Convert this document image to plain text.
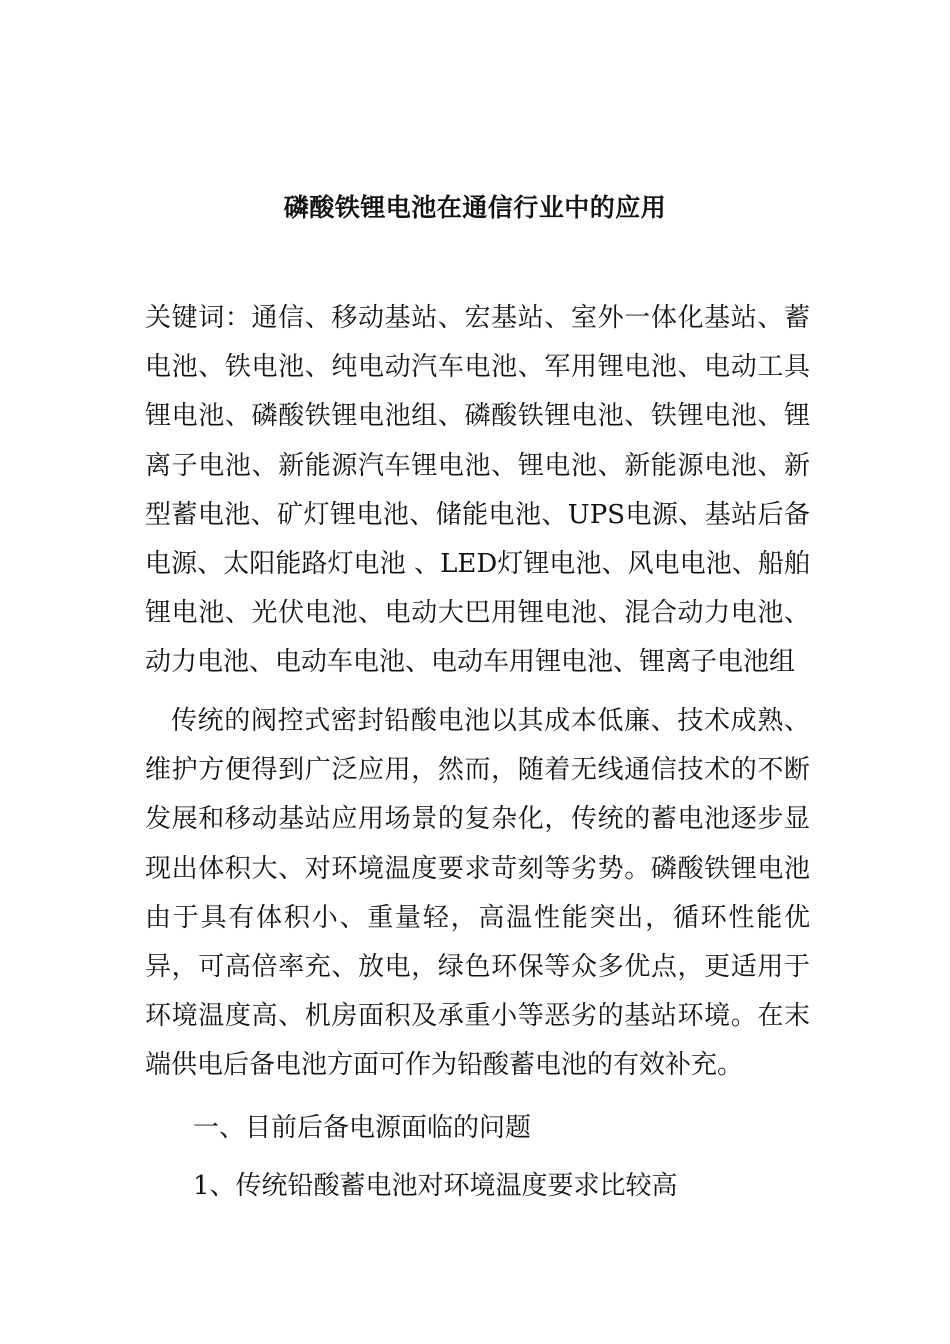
磷酸铁锂电池在通信行业中的应用

关键词：通信、移动基站、宏基站、室外一体化基站、蓄电池、铁电池、纯电动汽车电池、军用锂电池、电动工具锂电池、磷酸铁锂电池组、磷酸铁锂电池、铁锂电池、锂离子电池、新能源汽车锂电池、锂电池、新能源电池、新型蓄电池、矿灯锂电池、储能电池、UPS电源、基站后备电源、太阳能路灯电池 、LED灯锂电池、风电电池、船舶锂电池、光伏电池、电动大巴用锂电池、混合动力电池、动力电池、电动车电池、电动车用锂电池、锂离子电池组

传统的阀控式密封铅酸电池以其成本低廉、技术成熟、维护方便得到广泛应用，然而，随着无线通信技术的不断发展和移动基站应用场景的复杂化，传统的蓄电池逐步显现出体积大、对环境温度要求苛刻等劣势。磷酸铁锂电池由于具有体积小、重量轻，高温性能突出，循环性能优异，可高倍率充、放电，绿色环保等众多优点，更适用于环境温度高、机房面积及承重小等恶劣的基站环境。在末端供电后备电池方面可作为铅酸蓄电池的有效补充。

一、目前后备电源面临的问题

1、传统铅酸蓄电池对环境温度要求比较高
